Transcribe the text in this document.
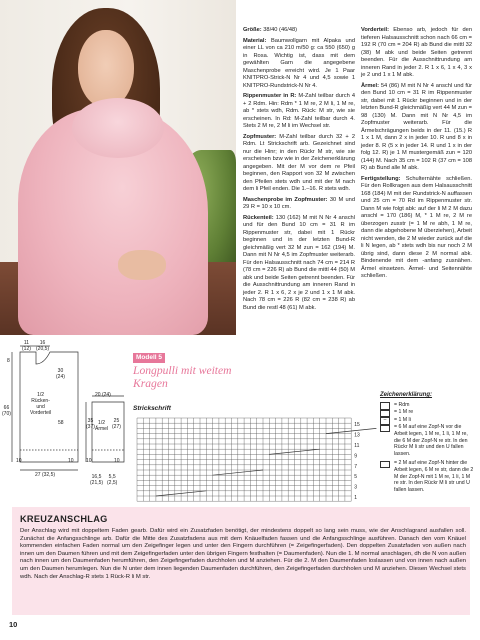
Modell 5
Longpulli mit weitem Kragen

Größe: 38/40 (46/48)

Material: Baumwollgarn mit Alpaka und einer LL von ca 210 m/50 g: ca 550 (650) g in Rosa. Wichtig ist, dass mit dem gewählten Garn die angegebene Maschenprobe erreicht wird. Je 1 Paar KNITPRO-Strick-N Nr 4 und 4,5 sowie 1 KNITPRO-Rundstrick-N Nr 4.

Rippenmuster in R: M-Zahl teilbar durch 4 + 2 Rdm. Hin: Rdm * 1 M re, 2 M li, 1 M re, ab * stets wdh, Rdm. Rück: M str, wie sie erscheinen. In Rd: M-Zahl teilbar durch 4. Stets 2 M re, 2 M li im Wechsel str.

Zopfmuster: M-Zahl teilbar durch 32 + 2 Rdm. Lt Strickschrift arb. Gezeichnet sind nur die Hinr; in den Rückr M str, wie sie erscheinen bzw wie in der Zeichenerklärung angegeben. Mit der M vor dem re Pfeil beginnen, den Rapport von 32 M zwischen den Pfeilen stets wdh und mit der M nach dem li Pfeil enden. Die 1.–16. R stets wdh.

Maschenprobe im Zopfmuster: 30 M und 29 R = 10 x 10 cm.

Rückenteil: 130 (162) M mit N Nr 4 anschl und für den Bund 10 cm = 31 R im Rippenmuster str, dabei mit 1 Rückr beginnen und in der letzten Bund-R gleichmäßig vert 32 M zun = 162 (194) M. Dann mit N Nr 4,5 im Zopfmuster weiterarb. Für den Halsausschnitt nach 74 cm = 214 R (78 cm = 226 R) ab Bund die mittl 44 (50) M abk und beide Seiten getrennt beenden. Für die Ausschnittrundung am inneren Rand in jeder 2. R 1 x 6, 2 x je 2 und 1 x 1 M abk. Nach 78 cm = 226 R (82 cm = 238 R) ab Bund die restl 48 (61) M abk.

Vorderteil: Ebenso arb, jedoch für den tieferen Halsausschnitt schon nach 66 cm = 192 R (70 cm = 204 R) ab Bund die mittl 32 (38) M abk und beide Seiten getrennt beenden. Für die Ausschnittrundung am inneren Rand in jeder 2. R 1 x 6, 1 x 4, 3 x je 2 und 1 x 1 M abk.

Ärmel: 54 (86) M mit N Nr 4 anschl und für den Bund 10 cm = 31 R im Rippenmuster str, dabei mit 1 Rückr beginnen und in der letzten Bund-R gleichmäßig vert 44 M zun = 98 (130) M. Dann mit N Nr 4,5 im Zopfmuster weiterarb. Für die Ärmelschrägungen beids in der 11. (15.) R 1 x 1 M, dann 2 x in jeder 10. R und 8 x in jeder 8. R (5 x in jeder 14. R und 1 x in der folg 12. R) je 1 M mustergemäß zun = 120 (144) M. Nach 35 cm = 102 R (37 cm = 108 R) ab Bund alle M abk.

Fertigstellung: Schulternähte schließen. Für den Rollkragen aus dem Halsausschnitt 168 (184) M mit der Rundstrick-N auffassen und 25 cm = 70 Rd im Rippenmuster str. Dann M wie folgt abk: auf der li M 2 M dazu anschl = 170 (186) M, * 1 M re, 2 M re überzogen zusstr (= 1 M re abh, 1 M re, dann die abgehobene M überziehen), Arbeit nicht wenden, die 2 M wieder zurück auf die li N legen, ab * stets wdh bis nur noch 2 M übrig sind, dann diese 2 M normal abk. Bindenende mit dem -anfang zusnähen. Ärmel einsetzen. Ärmel- und Seitennähte schließen.

11
(12)
16
(20,5)
8
66
(70)
30
(24)
1/2
Rücken-
und
Vorderteil
58
10	10
27 (32,5)
20 (24)
35
(37)
25
(27)
1/2
Ärmel
10	10
16,5
(21,5)
5,5
(2,5)
Strickschrift
15
13
11
9
7
5
3
1
Zeichenerklärung:
= Rdm
= 1 M re
–	= 1 M li
= 6 M auf eine Zopf-N vor die Arbeit legen, 1 M re, 1 li, 1 M re, die 6 M der Zopf-N re str. In den Rückr M li str und den U fallen lassen.
= 2 M auf eine Zopf-N hinter die Arbeit legen, 6 M re str, dann die 2 M der Zopf-N mit 1 M re, 1 li, 1 M re str. In den Rückr M li str und U fallen lassen.
KREUZANSCHLAG

Der Anschlag wird mit doppeltem Faden gearb. Dafür wird ein Zusatzfaden benötigt, der mindestens doppelt so lang sein muss, wie der Anschlagrand ausfallen soll. Zunächst die Anfangsschlinge arb. Dafür die Mitte des Zusatzfadens aus mit dem Knäuelfaden fassen und die Anfangsschlinge ausführen. Danach den vom Knäuel kommenden einfachen Faden normal um den Zeigefinger legen und unter den Fingern durchführen (= Zeigefingerfaden). Den doppelten Zusatzfaden von außen nach innen um den Daumen führen und mit dem Zeigefingerfaden unter den übrigen Fingern festhalten (= Daumenfaden). Nun die 1. M normal anschlagen, dh die N von außen nach innen um den Daumenfaden herumführen, den Zeigefingerfaden durchholen und M anziehen. Für die 2. M den Daumenfaden loslassen und von innen nach außen um den Daumen herumlegen. Nun die N unter dem innen liegenden Daumenfaden durchführen, den Zeigefingerfaden durchholen und M anziehen. Diesen Wechsel stets wdh. Nach der Anschlag-R stets 1 Rück-R li M str.

10
